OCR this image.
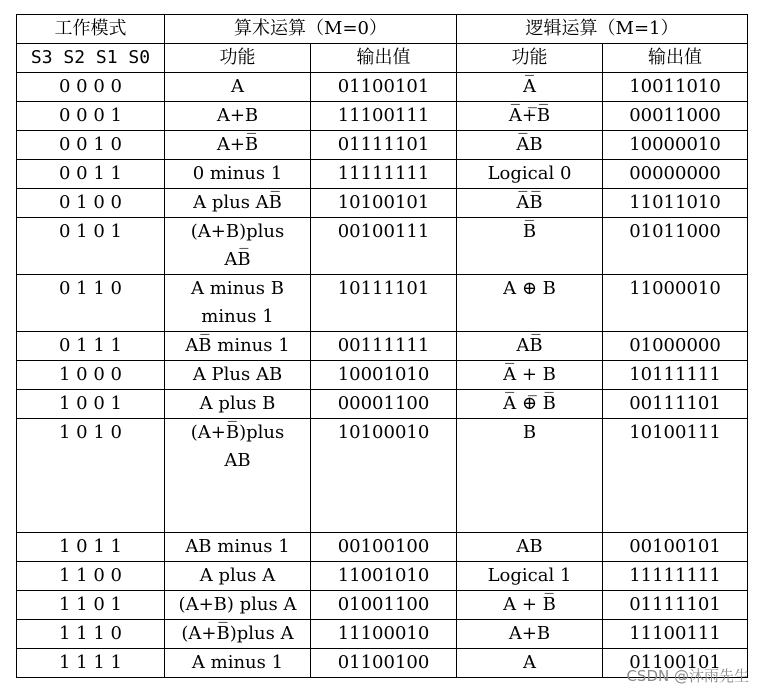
工作模式	算术运算（M=0）		逻辑运算（M=1）	
S3 S2 S1 S0	功能	输出值	功能	输出值

0 0 0 0	A	01100101	A̅	10011010

0 0 0 1	A+B	11100111	A̅+̅B̅	00011000

0 0 1 0	A+B̅	01111101	A̅B	10000010

0 0 1 1	0 minus 1	11111111	Logical 0	00000000

0 1 0 0	A plus AB̅	10100101	A̅B̅	11011010

0 1 0 1	(A+B)plus
AB̅	00100111	B̅	01011000

0 1 1 0	A minus B
minus 1	10111101	A ⊕ B	11000010

0 1 1 1	AB̅ minus 1	00111111	AB̅	01000000

1 0 0 0	A Plus AB	10001010	A̅ + B	10111111

1 0 0 1	A plus B	00001100	A̅ ⊕̅ B̅	00111101

1 0 1 0	(A+B̅)plus
AB	10100010	B	10100111

1 0 1 1	AB minus 1	00100100	AB	00100101

1 1 0 0	A plus A	11001010	Logical 1	11111111

1 1 0 1	(A+B) plus A	01001100	A + B̅	01111101

1 1 1 0	(A+B̅)plus A	11100010	A+B	11100111

1 1 1 1	A minus 1	01100100	A	01100101
CSDN @沐雨先生
